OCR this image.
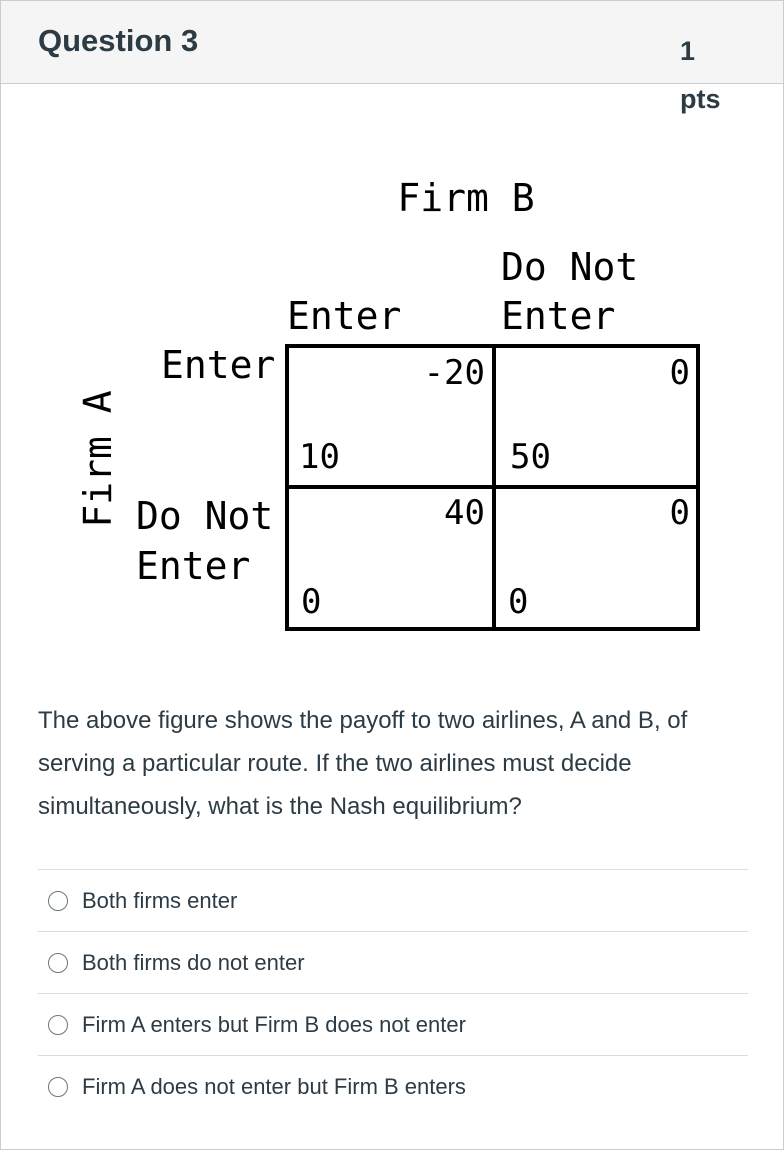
Question 3	1 pts
Firm B
Do Not
Enter
Enter
Enter
Do Not
Enter
Firm A
-20
10
0
50
40
0
0
0

The above figure shows the payoff to two airlines, A and B, of serving a particular route. If the two airlines must decide simultaneously, what is the Nash equilibrium?

Both firms enter
Both firms do not enter
Firm A enters but Firm B does not enter
Firm A does not enter but Firm B enters
